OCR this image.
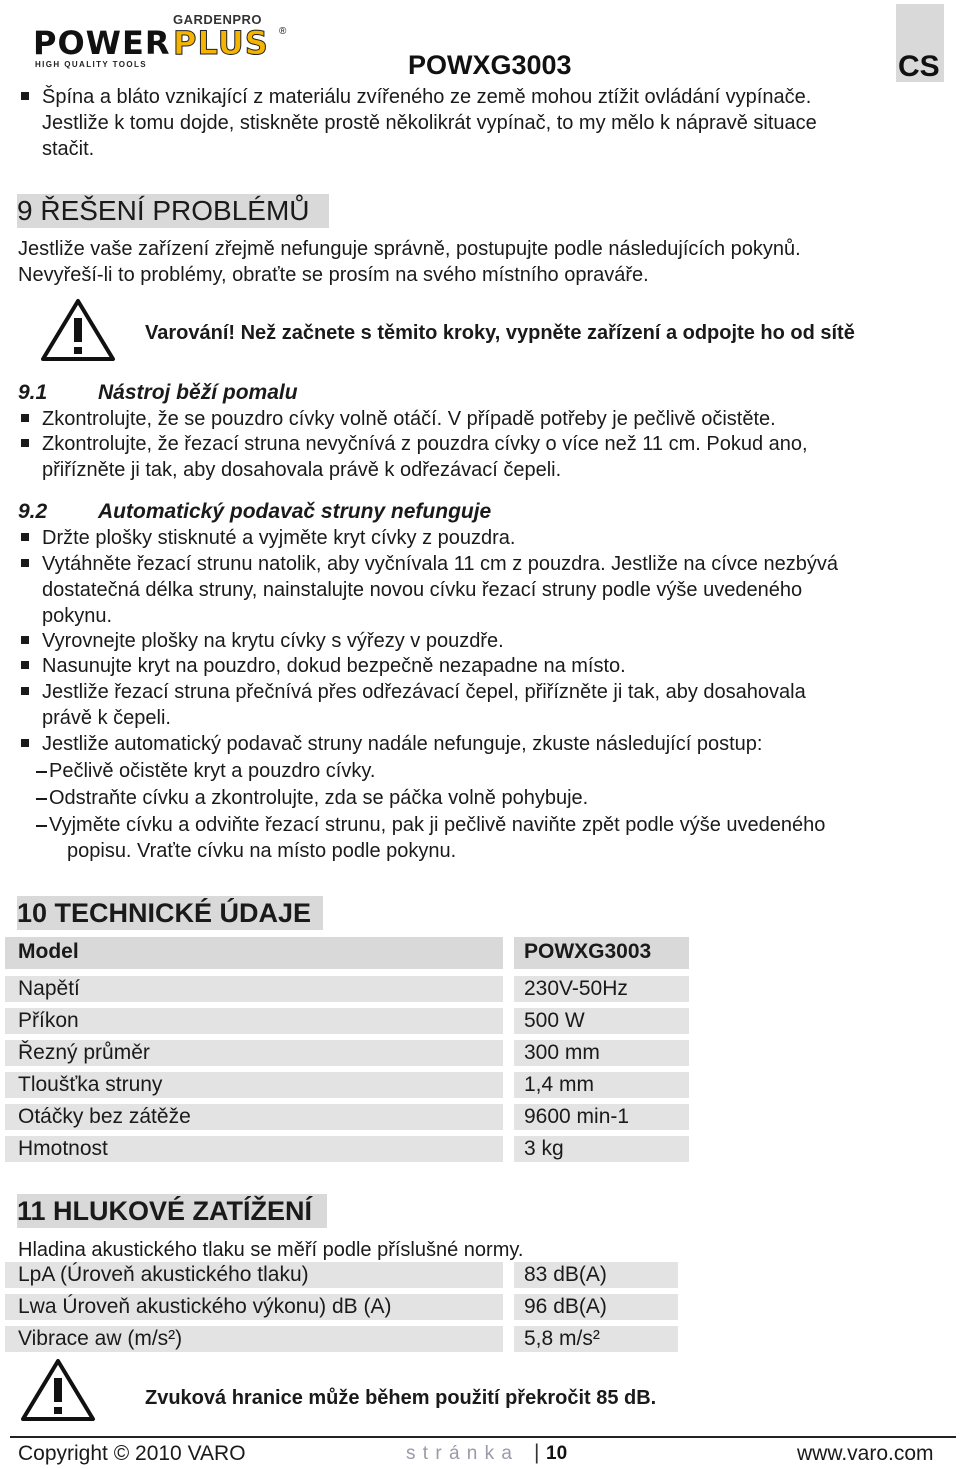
GARDENPRO
POWER PLUS ®
HIGH QUALITY TOOLS	POWXG3003	CS
Špína a bláto vznikající z materiálu zvířeného ze země mohou ztížit ovládání vypínače.
Jestliže k tomu dojde, stiskněte prostě několikrát vypínač, to my mělo k nápravě situace
stačit.
9 ŘEŠENÍ PROBLÉMŮ
Jestliže vaše zařízení zřejmě nefunguje správně, postupujte podle následujících pokynů.
Nevyřeší-li to problémy, obraťte se prosím na svého místního opraváře.
Varování! Než začnete s těmito kroky, vypněte zařízení a odpojte ho od sítě
9.1 Nástroj běží pomalu
Zkontrolujte, že se pouzdro cívky volně otáčí. V případě potřeby je pečlivě očistěte.
Zkontrolujte, že řezací struna nevyčnívá z pouzdra cívky o více než 11 cm. Pokud ano,
přiřízněte ji tak, aby dosahovala právě k odřezávací čepeli.
9.2 Automatický podavač struny nefunguje
Držte plošky stisknuté a vyjměte kryt cívky z pouzdra.
Vytáhněte řezací strunu natolik, aby vyčnívala 11 cm z pouzdra. Jestliže na cívce nezbývá
dostatečná délka struny, nainstalujte novou cívku řezací struny podle výše uvedeného
pokynu.
Vyrovnejte plošky na krytu cívky s výřezy v pouzdře.
Nasunujte kryt na pouzdro, dokud bezpečně nezapadne na místo.
Jestliže řezací struna přečnívá přes odřezávací čepel, přiřízněte ji tak, aby dosahovala
právě k čepeli.
Jestliže automatický podavač struny nadále nefunguje, zkuste následující postup:
Pečlivě očistěte kryt a pouzdro cívky.
Odstraňte cívku a zkontrolujte, zda se páčka volně pohybuje.
Vyjměte cívku a odviňte řezací strunu, pak ji pečlivě naviňte zpět podle výše uvedeného
popisu. Vraťte cívku na místo podle pokynu.
10 TECHNICKÉ ÚDAJE
Model	POWXG3003
Napětí	230V-50Hz
Příkon	500 W
Řezný průměr	300 mm
Tloušťka struny	1,4 mm
Otáčky bez zátěže	9600 min-1
Hmotnost	3 kg
11 HLUKOVÉ ZATÍŽENÍ
Hladina akustického tlaku se měří podle příslušné normy.
LpA (Úroveň akustického tlaku)	83 dB(A)
Lwa Úroveň akustického výkonu) dB (A)	96 dB(A)
Vibrace aw (m/s²)	5,8 m/s²
Zvuková hranice může během použití překročit 85 dB.
Copyright © 2010 VARO	s t r á n k a | 10	www.varo.com
